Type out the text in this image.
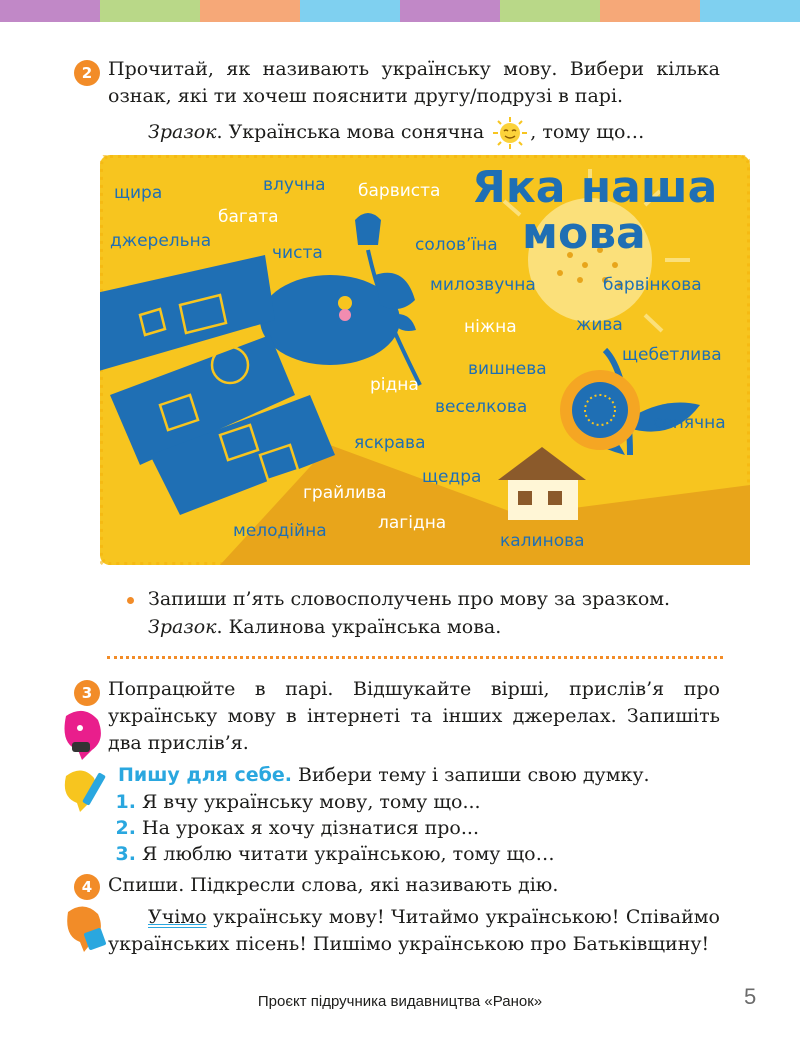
2 Прочитай, як називають українську мову. Вибери кілька ознак, які ти хочеш пояснити другу/подрузі в парі.
Зразок. Українська мова сонячна , тому що…
Яка наша
мова
щира	влучна барвиста
багата
джерельна
чиста	солов’їна
милозвучна	барвінкова
ніжна	жива
щебетлива
рідна
вишнева
веселкова
сонячна
яскрава
щедра
грайлива
мелодійна	лагідна
калинова
Запиши п’ять словосполучень про мову за зразком.
Зразок. Калинова українська мова.
3 Попрацюйте в парі. Відшукайте вірші, прислів’я про українську мову в інтернеті та інших джерелах. Запишіть два прислів’я.
Пишу для себе. Вибери тему і запиши свою думку.
1. Я вчу українську мову, тому що...
2. На уроках я хочу дізнатися про...
3. Я люблю читати українською, тому що…
4 Спиши. Підкресли слова, які називають дію.
Учімо українську мову! Читаймо українською! Співаймо українських пісень! Пишімо українською про Батьківщину!
Проєкт підручника видавництва «Ранок»	5
